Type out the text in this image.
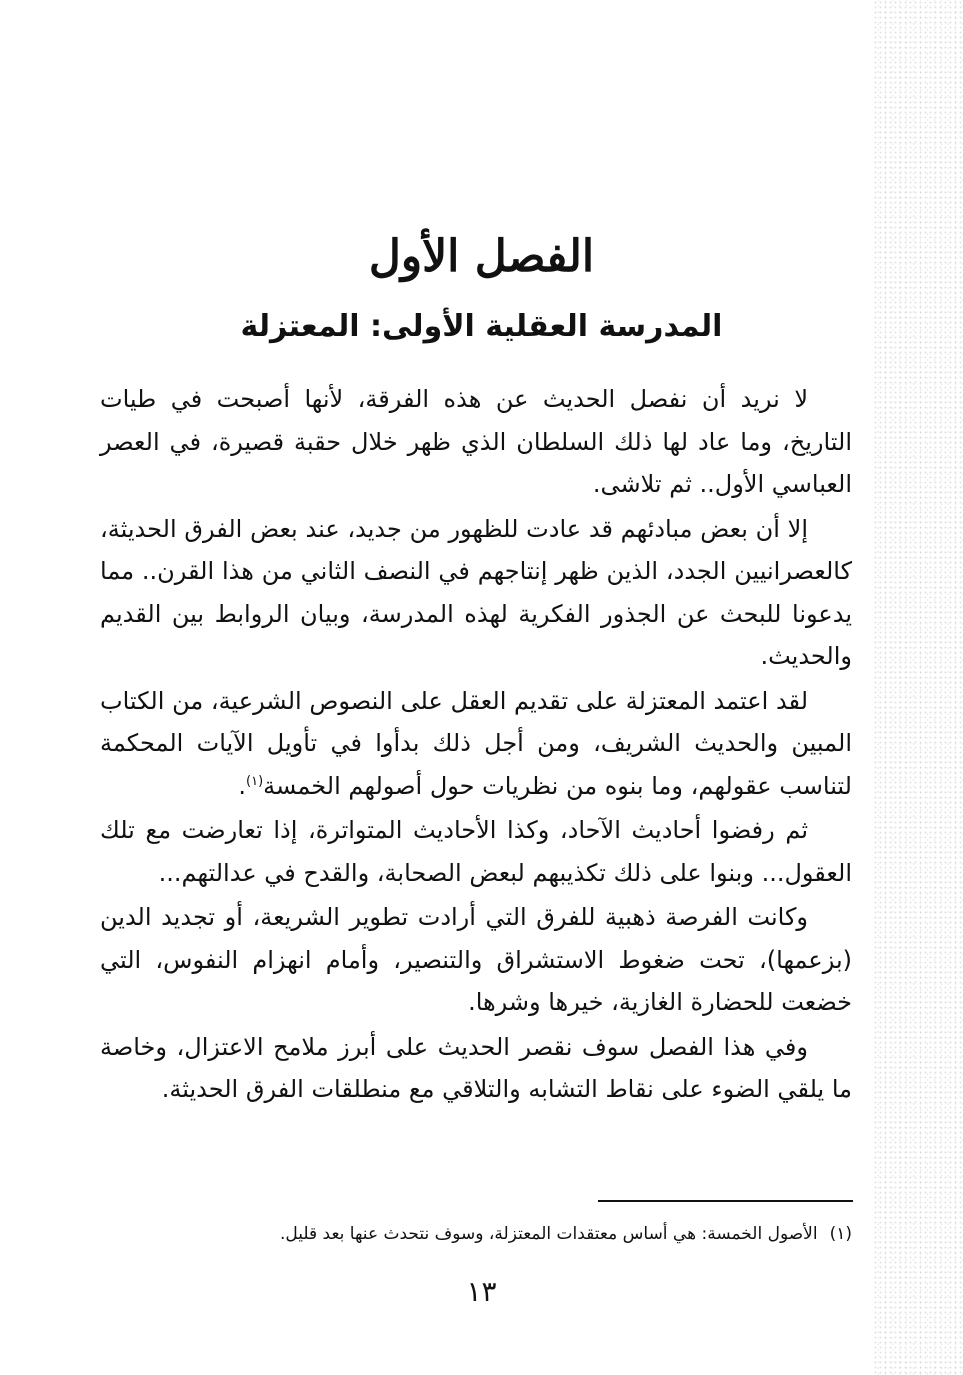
الفصل الأول
المدرسة العقلية الأولى: المعتزلة

لا نريد أن نفصل الحديث عن هذه الفرقة، لأنها أصبحت في طيات التاريخ، وما عاد لها ذلك السلطان الذي ظهر خلال حقبة قصيرة، في العصر العباسي الأول.. ثم تلاشى.

إلا أن بعض مبادئهم قد عادت للظهور من جديد، عند بعض الفرق الحديثة، كالعصرانيين الجدد، الذين ظهر إنتاجهم في النصف الثاني من هذا القرن.. مما يدعونا للبحث عن الجذور الفكرية لهذه المدرسة، وبيان الروابط بين القديم والحديث.

لقد اعتمد المعتزلة على تقديم العقل على النصوص الشرعية، من الكتاب المبين والحديث الشريف، ومن أجل ذلك بدأوا في تأويل الآيات المحكمة لتناسب عقولهم، وما بنوه من نظريات حول أصولهم الخمسة$^{(١)}$.

ثم رفضوا أحاديث الآحاد، وكذا الأحاديث المتواترة، إذا تعارضت مع تلك العقول... وبنوا على ذلك تكذيبهم لبعض الصحابة، والقدح في عدالتهم...

وكانت الفرصة ذهبية للفرق التي أرادت تطوير الشريعة، أو تجديد الدين (بزعمها)، تحت ضغوط الاستشراق والتنصير، وأمام انهزام النفوس، التي خضعت للحضارة الغازية، خيرها وشرها.

وفي هذا الفصل سوف نقصر الحديث على أبرز ملامح الاعتزال، وخاصة ما يلقي الضوء على نقاط التشابه والتلاقي مع منطلقات الفرق الحديثة.

(١)الأصول الخمسة: هي أساس معتقدات المعتزلة، وسوف نتحدث عنها بعد قليل.
١٣
